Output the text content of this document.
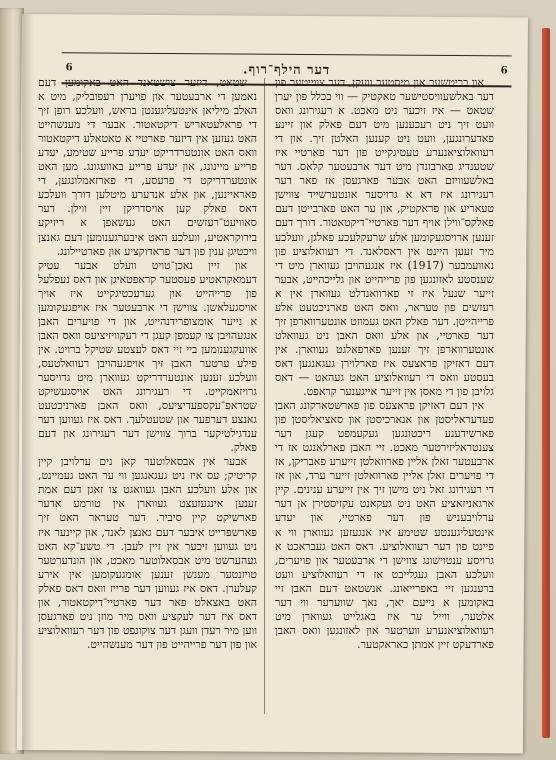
6	דער הילף־רוף.	6

און בריטשער און מיסטער וועקן, דער צווייטער פון דער באלשעוויסטישער טאקטיק — ווי בכלל פון יערן שטאט — איז זיכער ניט מאכט. א רעגירונג וואס וועט זיך ניט רעכענען מיט דעם פאלק און זיינע פאדערונגען, וועט ניט קענען האלטן זיך. און די רעוואלוציאנערע טעטיגקייט פון דער פארטיי איז שטענדיג פארבונדן מיט דער ארבעטער קלאס. דער באלשעוויזם האט אבער פארגעסן אז פאר דער רעגירונג איז דא א גרויסער אונטערשייד צווישן טעאריע און פראקטיק, און ער האט פארבייטן דעם פאלקס־ווילן אויף דער פארטיי־דיקטאטור. דורך דעם זענען ארויסגעקומען אלע שרעקלעכע פאלגן, וועלכע מיר זעען היינט אין ראסלאנד. די רעוואלוציע פון נאוועמבער (1917) איז אנגעהויבן געווארן מיט די שענסטע לאזונגען פון פרייהייט און גלייכהייט, אבער זייער שנעל איז זי פארוואנדלט געווארן אין א רעזשים פון טעראר, וואס האט פארניכטעט אלע פרייהייטן. דער פאלק האט געמוזט אונטערווארפן זיך דער פארטיי, און אלע וואס האבן ניט געוואלט אונטערווארפן זיך זענען פארפאלגט געווארן. אין דעם דאזיקן פראצעס איז פארלוירן געגאנגען דאס בעסטע וואס די רעוואלוציע האט געהאט — דאס גלויבן פון די מאסן אין זייער אייגענער קראפט.

אין דעם דאזיקן פראצעס פון פארשטארקונג האבן פעדעראליסטן און אנארכיסטן און סאציאליסטן פון פארשידענע ריכטונגען געקעמפט קעגן דער צענטראליזירטער מאכט. זיי האבן פארלאנגט אז די ארבעטער זאלן אליין פארוואלטן זייערע פאבריקן, אז די פויערים זאלן אליין פארוואלטן זייער ערד, און אז די רעגירונג זאל ניט מישן זיך אין זייערע ענינים. קיין ארגאניזאציע האט ניט געקאנט עקזיסטירן אן דער ערלויבעניש פון דער פארטיי, און יעדע אינטעליגענטע שטימע איז אנגעזען געווארן ווי א פיינט פון דער רעוואלוציע. דאס האט געבראכט א גרויסע ענטוישונג צווישן די ארבעטער און פויערים, וועלכע האבן געגלייבט אז די רעוואלוציע וועט ברענגען זיי באפרייאונג. אנשטאט דעם האבן זיי באקומען א נייעם יאך, נאך שווערער ווי דער אלטער, ווייל ער איז באגלייט געווארן מיט רעוואלוציאנערע ווערטער און לאזונגען וואס האבן פארדעקט זיין אמתן כאראקטער.

שטאט, דיזער צושטאנד האט באקומען דעם נאמען די ארבעטער און פויערן רעפובליק, מיט א האלב מיליאן אינטעליגענטן בראש, וועלכע רופן זיך די פראלעטאריש דיקטאטור. אבער די מענשהייט האט געזען אין דיזער פארטיי א טאטאלע דיקטאטור וואס האט אונטערדריקט יעדע פרייע שטימע, יעדע פרייע מיינונג, און יעדע פרייע באוועגונג. מען האט אונטערדריקט די פרעסע, די פארזאמלונגען, די פאראיינען, און אלע אנדערע מיטלען דורך וועלכע דאס פאלק קען אויסדריקן זיין ווילן. דער סאוויעט־רעזשים האט געשאפן א ריזיקע בירוקראטיע, וועלכע האט איבערגענומען דעם גאנצן וויכטיגן ענין פון דער פראדוקציע און פארטיילונג.

און זיין נאכן־טויט וועלט אבער עטיק דעמאקראטיע פעסטער קראפטאיגן און דאס נעפלעל פון פרייהייט און גערעכטיגקייט איז אויך אויסגעלאשן. צווישן די ארבעטער איז אויפגעקומען א נייער אומצופרידנהייט, און די פויערים האבן אנגעהויבן צו קעמפן קעגן די רעקוויזיציעס וואס האבן אוועקגענומען ביי זיי דאס לעצטע שטיקל ברויט. אין פילע ערטער האבן זיך אויפגעהויבן רעוואלטעס, וועלכע זענען אונטערדריקט געווארן מיט גרויסער גרויזאמקייט. די רעגירונג האט אויסגעשיקט שטראפ־עקספעדיציעס, וואס האבן פארניכטעט גאנצע דערפער און שטעטלעך. דאס איז געווען דער ענדגילטיקער ברוך צווישן דער רעגירונג און דעם פאלק.

אבער אין אבסאלוטער קאן נים ערלויבן קיין קריטיק; עס איז ניט געגאנגען ווי ער האט געמיינט, און אלע וועלכע האבן געוואגט צו זאגן דעם אמת זענען אינגעזעצט געווארן אין טורמע אדער פארשיקט קיין סיביר. דער טעראר האט זיך פארשפרייט איבער דעם גאנצן לאנד, און קיינער איז ניט געווען זיכער אין זיין לעבן. די טשע־קא האט געהערשט מיט אבסאלוטער מאכט, און הונדערטער טויזנטער מענשן זענען אומגעקומען אין אירע קעלערן. דאס איז געווען דער פרייז וואס דאס פאלק האט באצאלט פאר דער פארטיי־דיקטאטור, און דאס איז דער לעקציע וואס מיר מוזן ניט פארגעסן ווען מיר רעדן וועגן דער צוקונפט פון דער רעוואלוציע און פון דער פרייהייט פון דער מענשהייט.
